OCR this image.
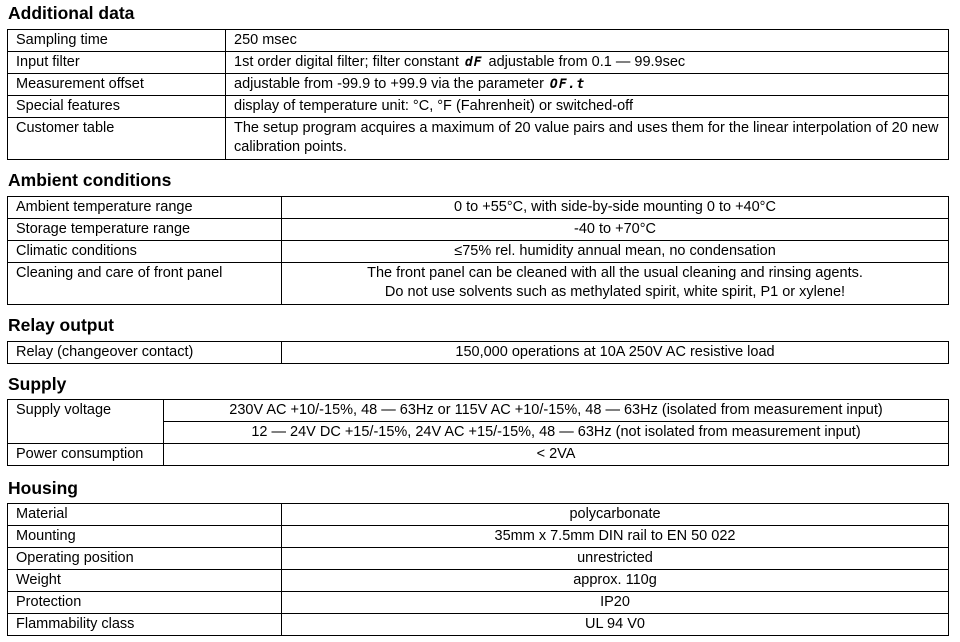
Additional data
Sampling time	250 msec
Input filter	1st order digital filter; filter constant dF adjustable from 0.1 — 99.9sec
Measurement offset	adjustable from -99.9 to +99.9 via the parameter OF.t
Special features	display of temperature unit: °C, °F (Fahrenheit) or switched-off
Customer table	The setup program acquires a maximum of 20 value pairs and uses them for the linear interpolation of 20 new calibration points.
Ambient conditions
Ambient temperature range	0 to +55°C, with side-by-side mounting 0 to +40°C
Storage temperature range	-40 to +70°C
Climatic conditions	≤75% rel. humidity annual mean, no condensation
Cleaning and care of front panel	The front panel can be cleaned with all the usual cleaning and rinsing agents.
Do not use solvents such as methylated spirit, white spirit, P1 or xylene!
Relay output
Relay (changeover contact)	150,000 operations at 10A 250V AC resistive load
Supply
Supply voltage	230V AC +10/-15%, 48 — 63Hz or 115V AC +10/-15%, 48 — 63Hz (isolated from measurement input)
	12 — 24V DC +15/-15%, 24V AC +15/-15%, 48 — 63Hz (not isolated from measurement input)
Power consumption	< 2VA
Housing
Material	polycarbonate
Mounting	35mm x 7.5mm DIN rail to EN 50 022
Operating position	unrestricted
Weight	approx. 110g
Protection	IP20
Flammability class	UL 94 V0
